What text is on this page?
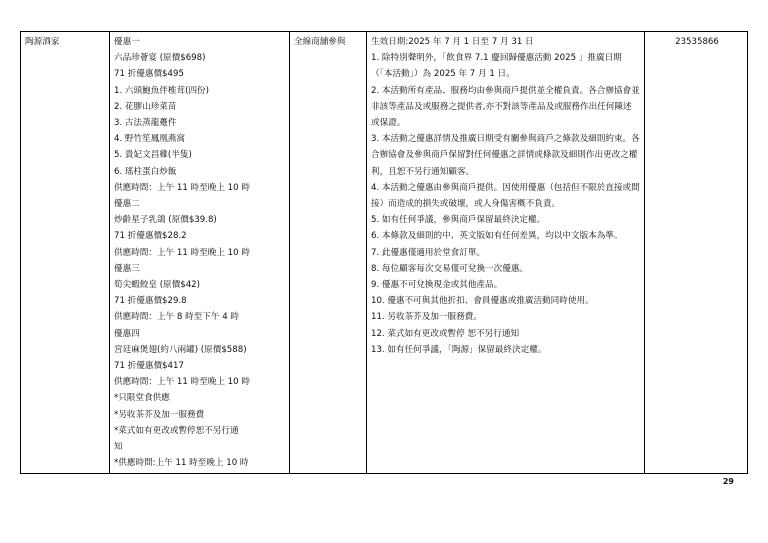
陶源酒家	優惠一
六品珍薈宴 (原價$698)
71 折優惠價$495
1. 六頭鮑魚伴椎茸(四份)
2. 花膠山珍菜苗
3. 古法蒸龍躉件
4. 野竹笙鳳凰燕窩
5. 貴妃文昌雞(半隻)
6. 瑤柱蛋白炒飯
供應時間：上午 11 時至晚上 10 時
優惠二
炒齡星子乳鴿 (原價$39.8)
71 折優惠價$28.2
供應時間：上午 11 時至晚上 10 時
優惠三
筍尖蝦餃皇 (原價$42)
71 折優惠價$29.8
供應時間：上午 8 時至下午 4 時
優惠四
宮廷麻煲翅(約八兩罐) (原價$588)
71 折優惠價$417
供應時間：上午 11 時至晚上 10 時
*只限堂食供應
*另收茶芥及加一服務費
*菜式如有更改或暫停恕不另行通
知
*供應時間:上午 11 時至晚上 10 時
全線商舖參與	生效日期:2025 年 7 月 1 日至 7 月 31 日
1. 除特別聲明外，「飲食界 7.1 慶回歸優惠活動 2025 」推廣日期（「本活動」）為 2025 年 7 月 1 日。
2. 本活動所有產品、服務均由參與商戶提供並全權負責。各合辦協會並非該等產品及或服務之提供者,亦不對該等產品及或服務作出任何陳述或保證。
3. 本活動之優惠詳情及推廣日期受有關參與商戶之條款及細則約束。各合辦協會及參與商戶保留對任何優惠之詳情或條款及細則作出更改之權利，且恕不另行通知顧客。
4. 本活動之優惠由參與商戶提供。因使用優惠（包括但不限於直接或間接）而造成的損失或破壞，或人身傷害概不負責。
5. 如有任何爭議，參與商戶保留最終決定權。
6. 本條款及細則的中、英文版如有任何差異，均以中文版本為準。
7. 此優惠僅適用於堂食訂單。
8. 每位顧客每次交易僅可兌換一次優惠。
9. 優惠不可兌換現金或其他產品。
10. 優惠不可與其他折扣、會員優惠或推廣活動同時使用。
11. 另收茶芥及加一服務費。
12. 菜式如有更改或暫停 恕不另行通知
13. 如有任何爭議，「陶源」保留最終決定權。
23535866
29
